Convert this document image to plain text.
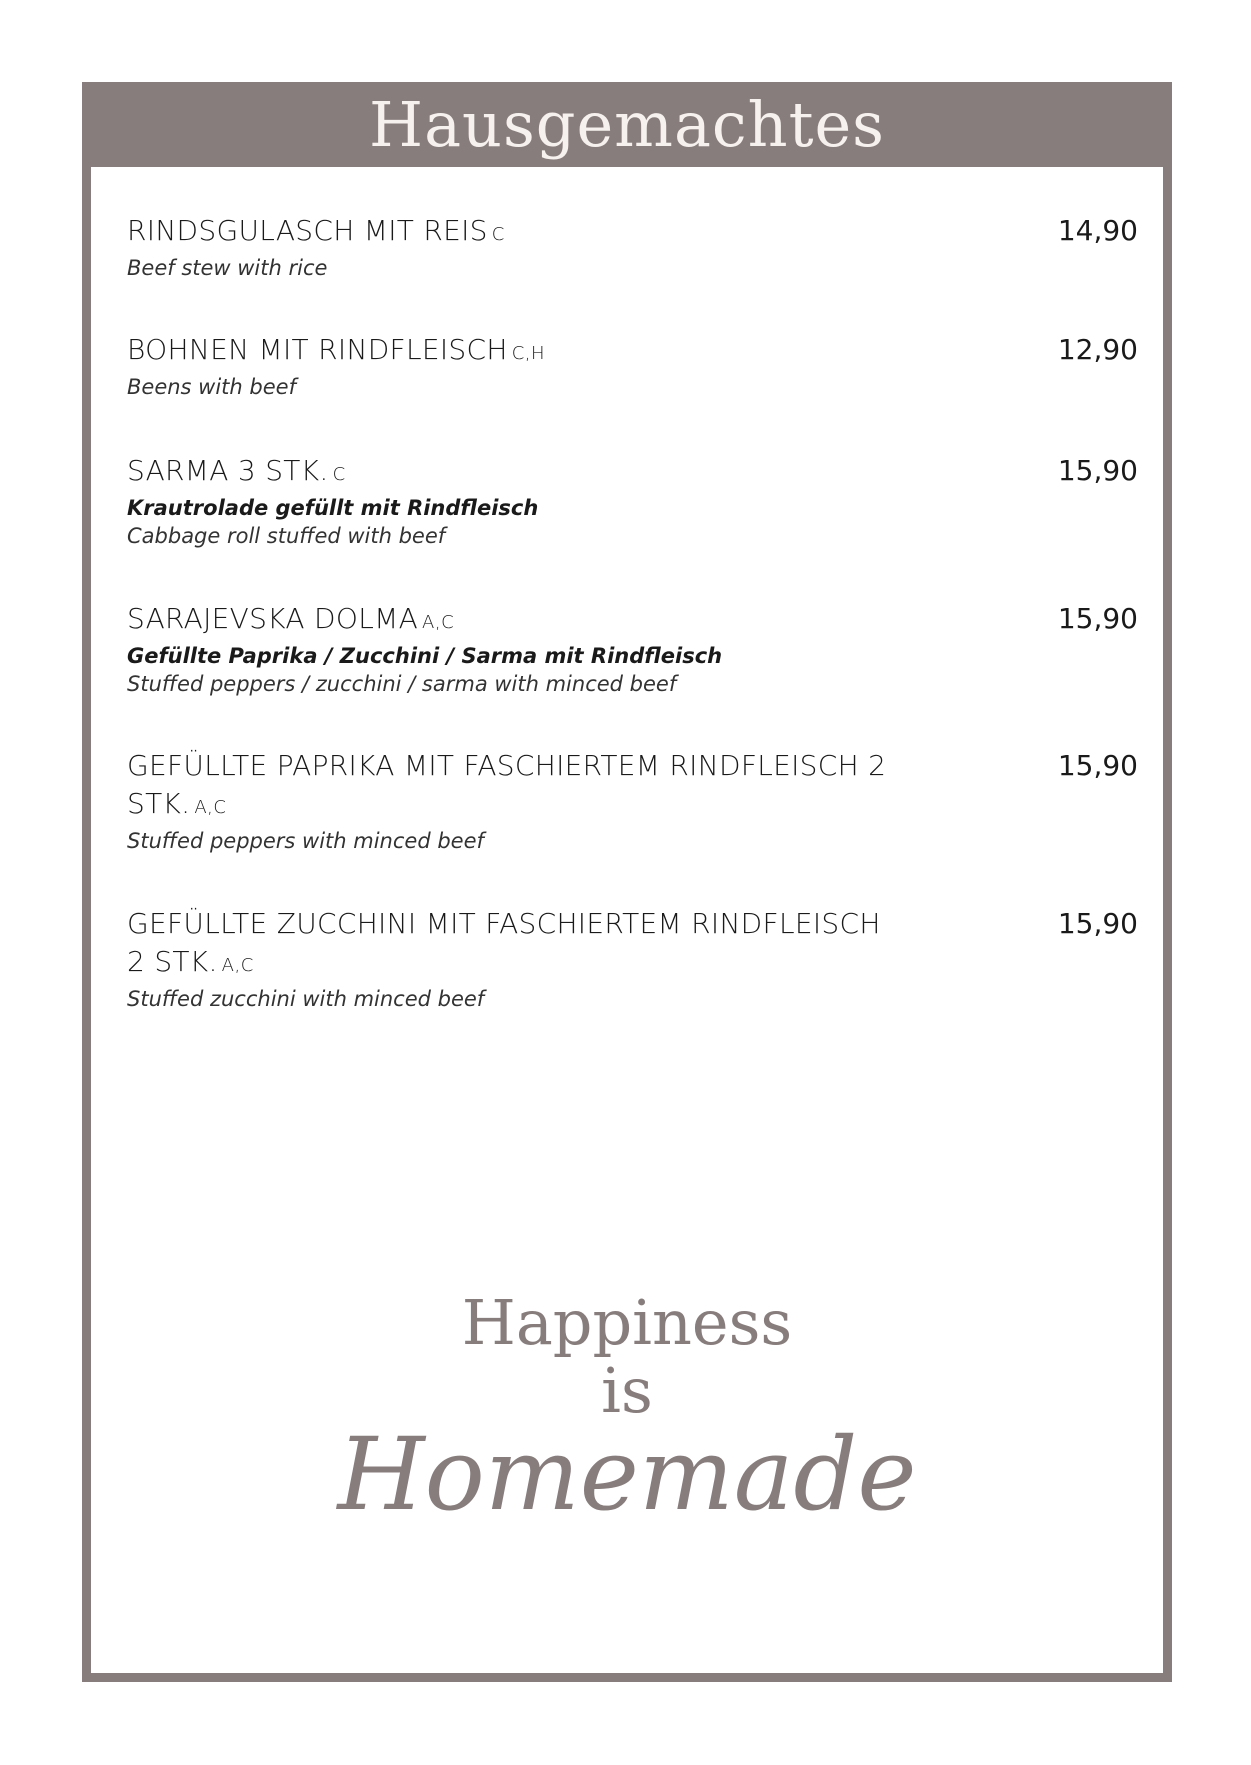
Hausgemachtes
RINDSGULASCH MIT REIS C
Beef stew with rice
14,90
BOHNEN MIT RINDFLEISCH C,H
Beens with beef
12,90
SARMA 3 STK. C
Krautrolade gefüllt mit Rindfleisch
Cabbage roll stuffed with beef
15,90
SARAJEVSKA DOLMA A,C
Gefüllte Paprika / Zucchini / Sarma mit Rindfleisch
Stuffed peppers / zucchini / sarma with minced beef
15,90
GEFÜLLTE PAPRIKA MIT FASCHIERTEM RINDFLEISCH 2 STK. A,C
Stuffed peppers with minced beef
15,90
GEFÜLLTE ZUCCHINI MIT FASCHIERTEM RINDFLEISCH 2 STK. A,C
Stuffed zucchini with minced beef
15,90
Happiness
is
Homemade
